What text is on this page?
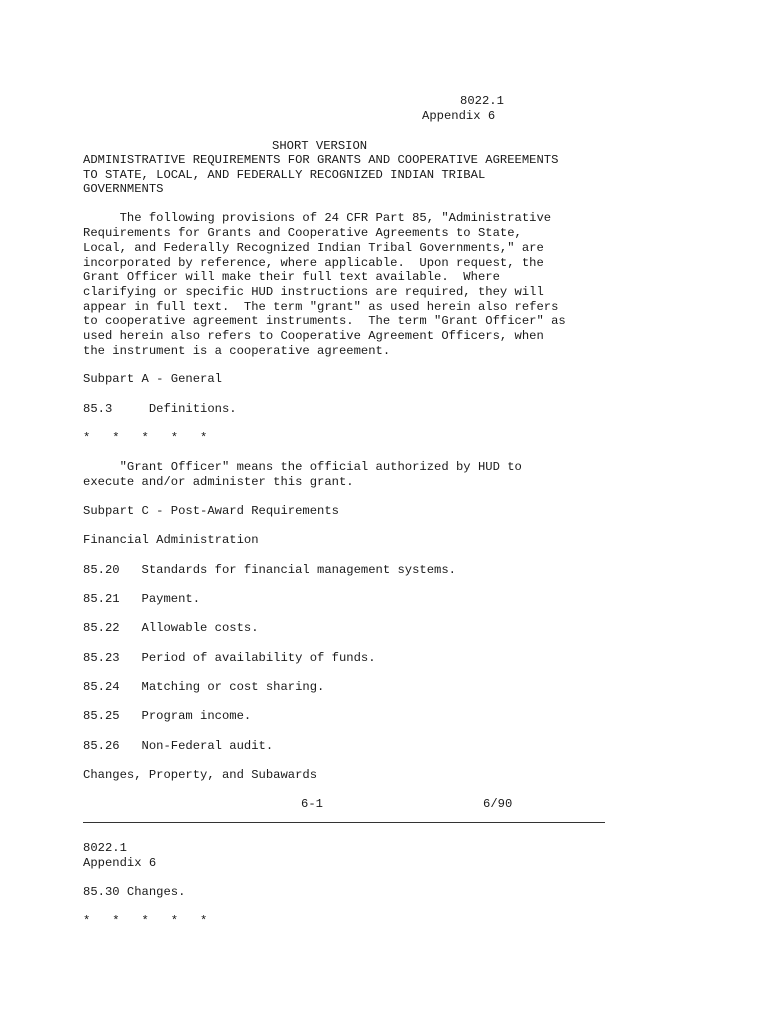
8022.1
Appendix 6
SHORT VERSION
ADMINISTRATIVE REQUIREMENTS FOR GRANTS AND COOPERATIVE AGREEMENTS
TO STATE, LOCAL, AND FEDERALLY RECOGNIZED INDIAN TRIBAL
GOVERNMENTS
The following provisions of 24 CFR Part 85, "Administrative
Requirements for Grants and Cooperative Agreements to State,
Local, and Federally Recognized Indian Tribal Governments," are
incorporated by reference, where applicable.  Upon request, the
Grant Officer will make their full text available.  Where
clarifying or specific HUD instructions are required, they will
appear in full text.  The term "grant" as used herein also refers
to cooperative agreement instruments.  The term "Grant Officer" as
used herein also refers to Cooperative Agreement Officers, when
the instrument is a cooperative agreement.
Subpart A - General
85.3     Definitions.
*   *   *   *   *
"Grant Officer" means the official authorized by HUD to
execute and/or administer this grant.
Subpart C - Post-Award Requirements
Financial Administration
85.20   Standards for financial management systems.
85.21   Payment.
85.22   Allowable costs.
85.23   Period of availability of funds.
85.24   Matching or cost sharing.
85.25   Program income.
85.26   Non-Federal audit.
Changes, Property, and Subawards
6-1	6/90
8022.1
Appendix 6
85.30 Changes.
*   *   *   *   *
